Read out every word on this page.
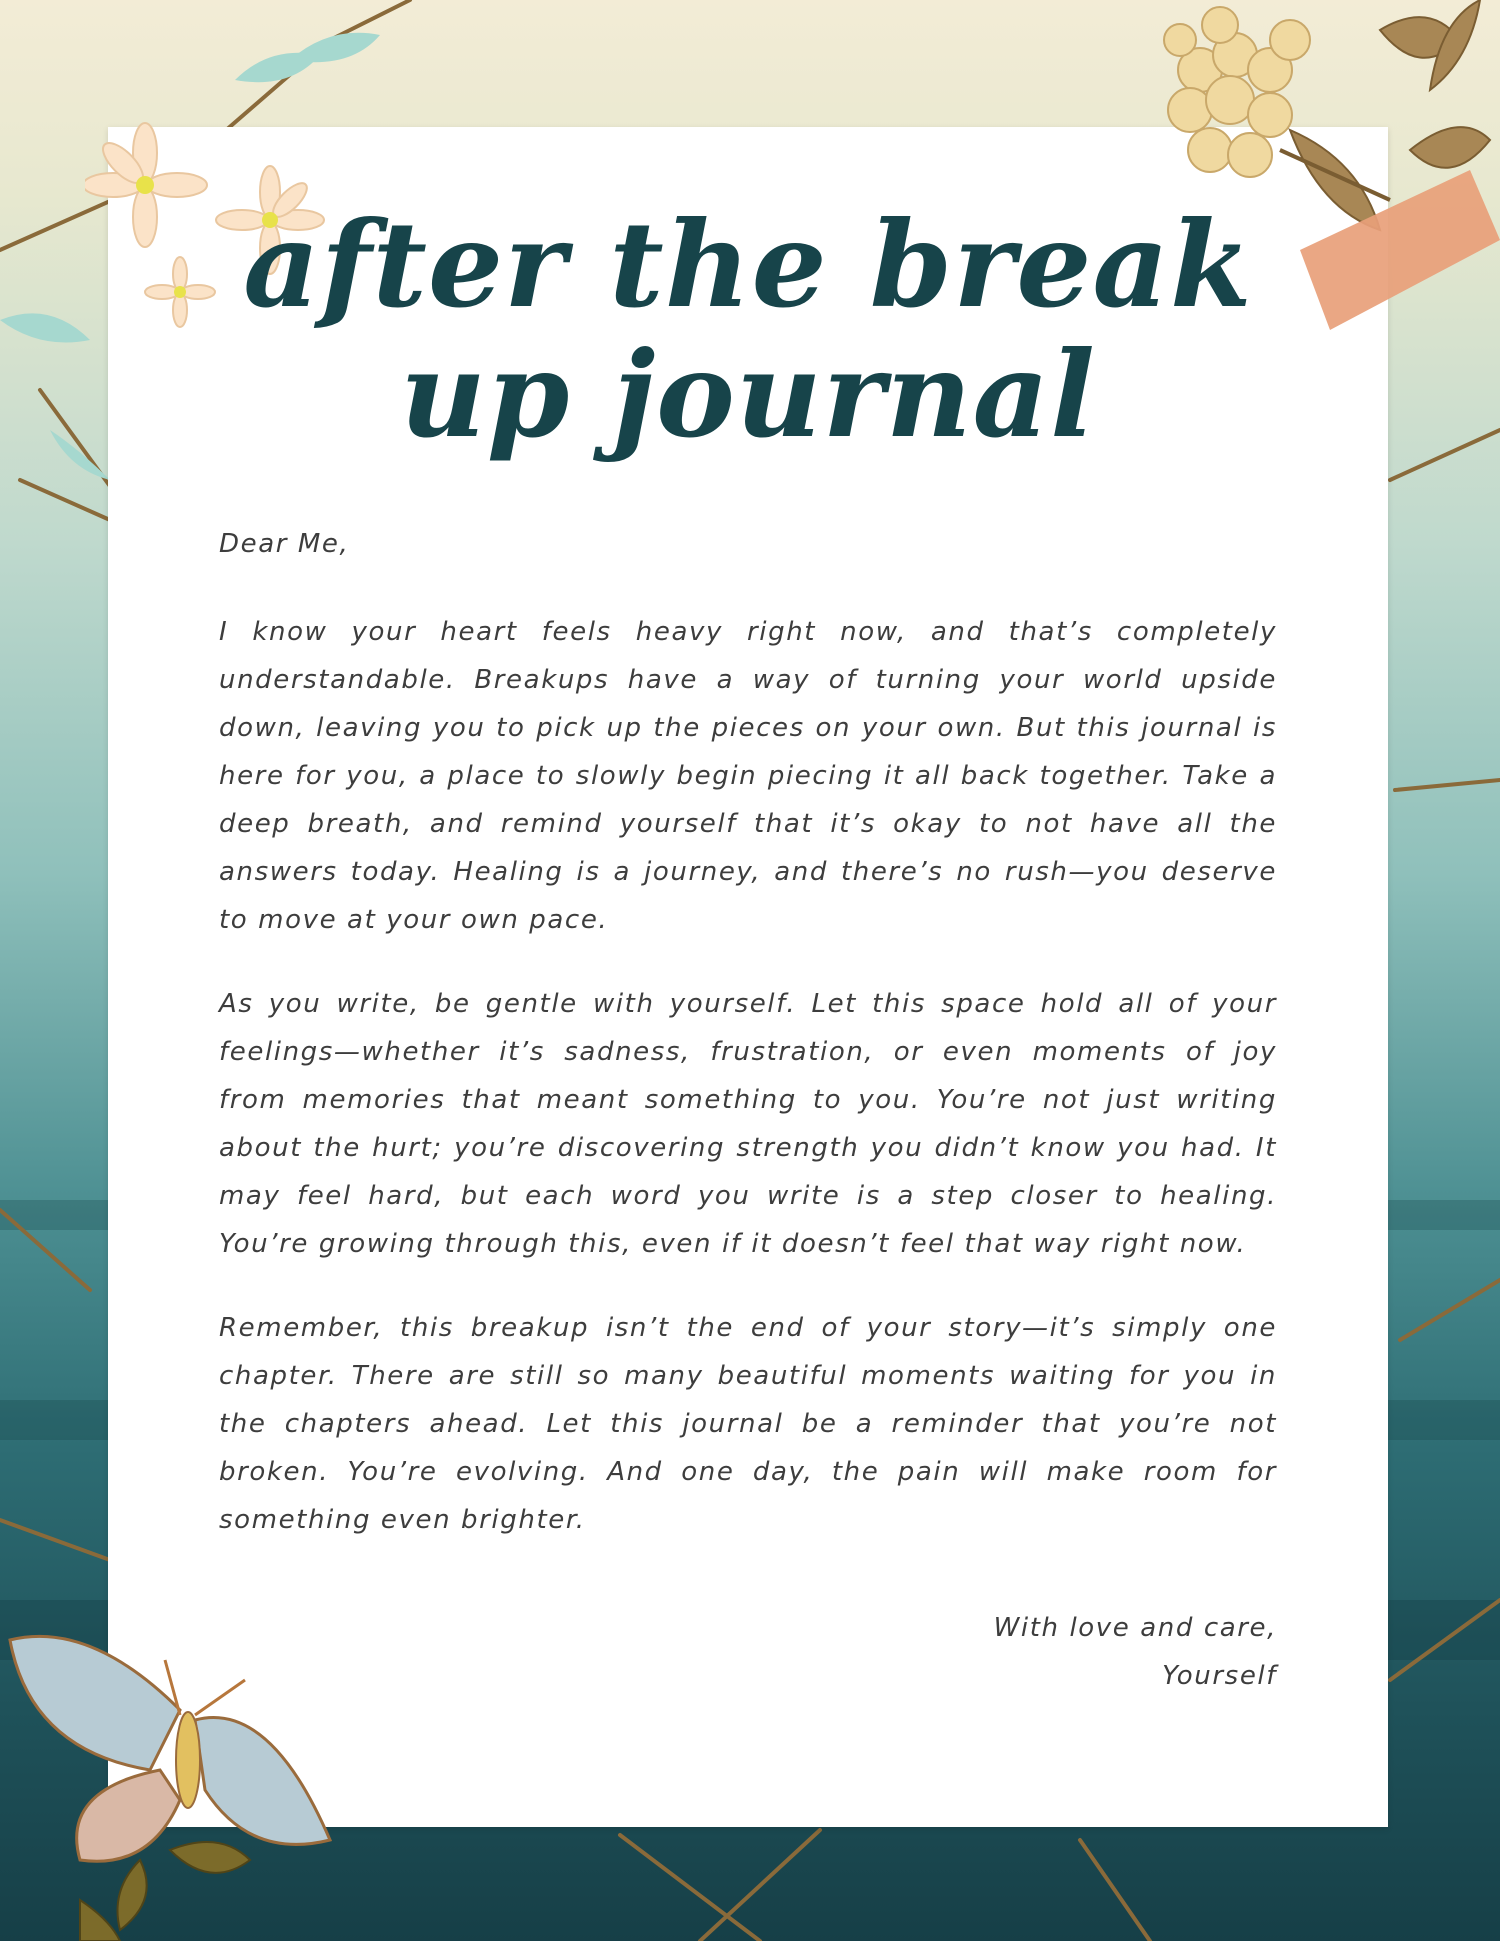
after the break
up journal

Dear Me,

I know your heart feels heavy right now, and that’s completely understandable. Breakups have a way of turning your world upside down, leaving you to pick up the pieces on your own. But this journal is here for you, a place to slowly begin piecing it all back together. Take a deep breath, and remind yourself that it’s okay to not have all the answers today. Healing is a journey, and there’s no rush—you deserve to move at your own pace.

As you write, be gentle with yourself. Let this space hold all of your feelings—whether it’s sadness, frustration, or even moments of joy from memories that meant something to you. You’re not just writing about the hurt; you’re discovering strength you didn’t know you had. It may feel hard, but each word you write is a step closer to healing. You’re growing through this, even if it doesn’t feel that way right now.

Remember, this breakup isn’t the end of your story—it’s simply one chapter. There are still so many beautiful moments waiting for you in the chapters ahead. Let this journal be a reminder that you’re not broken. You’re evolving. And one day, the pain will make room for something even brighter.

With love and care,
Yourself
